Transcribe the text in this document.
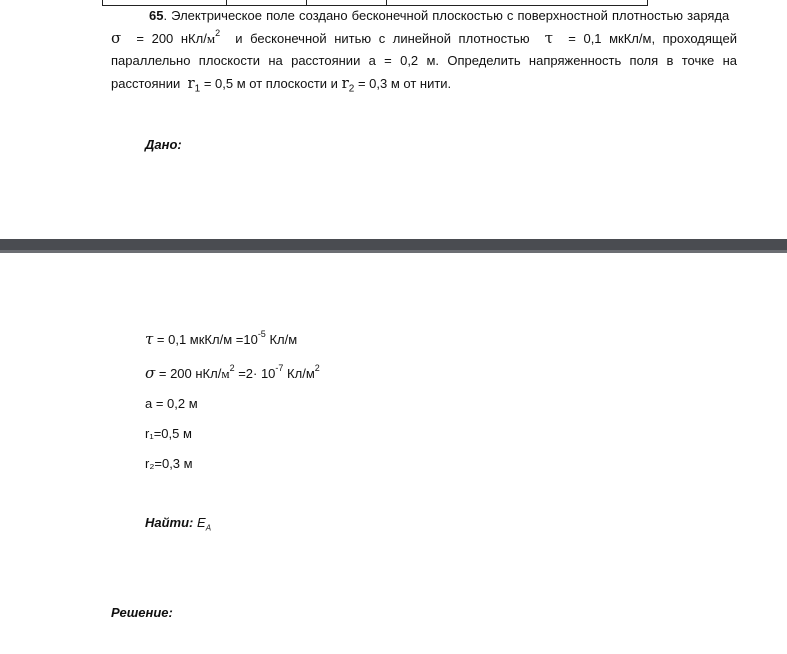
65. Электрическое поле создано бесконечной плоскостью с поверхностной плотностью заряда   σ = 200 нКл/$м^2$ и бесконечной нитью с линейной плотностью τ = 0,1 мкКл/м, проходящей параллельно плоскости на расстоянии a = 0,2 м. Определить напряженность поля в точке на расстоянии $r_1 = 0,5$ м от плоскости и $r_2 = 0,3$ м от нити.

Дано:
τ = 0,1 мкКл/м $=10^{-5}$ Кл/м
σ = 200 нКл/$м^2 =2\cdot 10^{-7}$ $Кл/м^2$
a = 0,2 м
r₁=0,5 м
r₂=0,3 м
Найти: $E_A$
Решение:
